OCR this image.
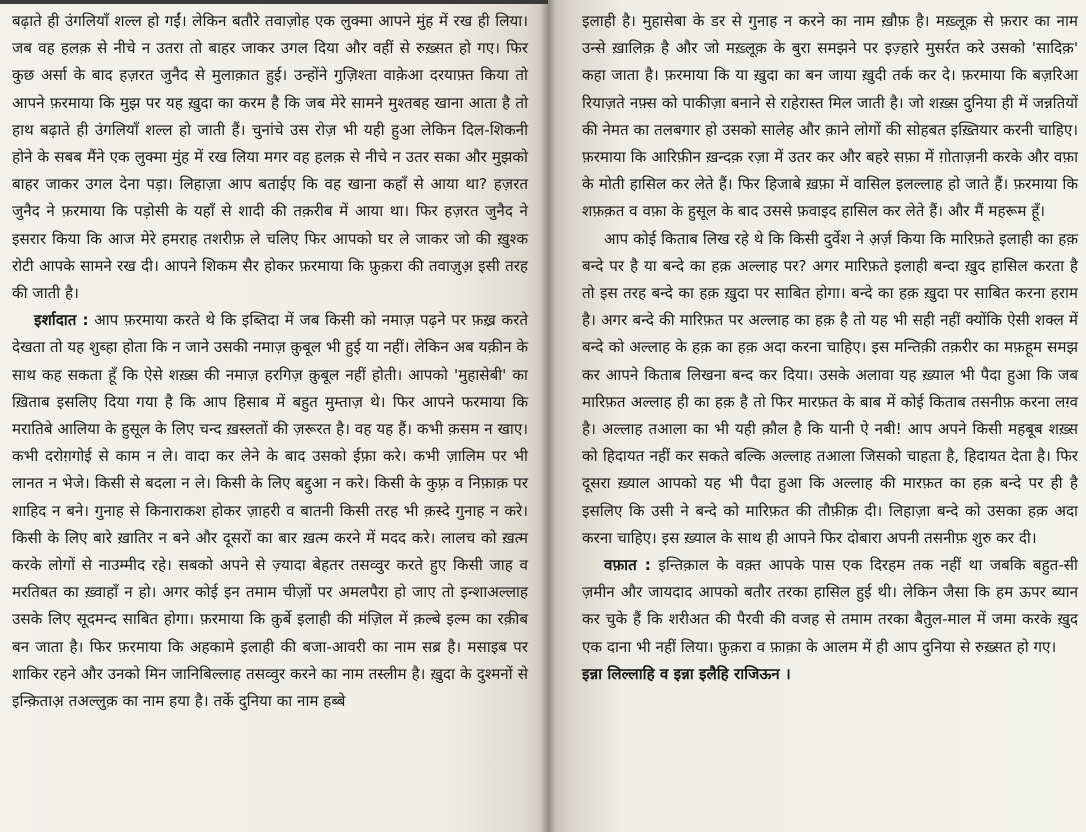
बढ़ाते ही उंगलियाँ शल्ल हो गईं। लेकिन बतौरे तवाज़ोह एक लुक्मा आपने मुंह में रख ही लिया। जब वह हलक़ से नीचे न उतरा तो बाहर जाकर उगल दिया और वहीं से रुख़्सत हो गए। फिर कुछ अर्सा के बाद हज़रत जुनैद से मुलाक़ात हुई। उन्होंने गुज़िश्ता वाक़ेआ दरयाफ़्त किया तो आपने फ़रमाया कि मुझ पर यह ख़ुदा का करम है कि जब मेरे सामने मुश्तबह खाना आता है तो हाथ बढ़ाते ही उंगलियाँ शल्ल हो जाती हैं। चुनांचे उस रोज़ भी यही हुआ लेकिन दिल-शिकनी होने के सबब मैंने एक लुक्मा मुंह में रख लिया मगर वह हलक़ से नीचे न उतर सका और मुझको बाहर जाकर उगल देना पड़ा। लिहाज़ा आप बताईए कि वह खाना कहाँ से आया था? हज़रत जुनैद ने फ़रमाया कि पड़ोसी के यहाँ से शादी की तक़रीब में आया था। फिर हज़रत जुनैद ने इसरार किया कि आज मेरे हमराह तशरीफ़ ले चलिए फिर आपको घर ले जाकर जो की ख़ुश्क रोटी आपके सामने रख दी। आपने शिकम सैर होकर फ़रमाया कि फ़ुक़रा की तवाज़ुअ़ इसी तरह की जाती है।

इर्शादात : आप फ़रमाया करते थे कि इब्तिदा में जब किसी को नमाज़ पढ़ने पर फ़ख़्र करते देखता तो यह शुब्हा होता कि न जाने उसकी नमाज़ क़ुबूल भी हुई या नहीं। लेकिन अब यक़ीन के साथ कह सकता हूँ कि ऐसे शख़्स की नमाज़ हरगिज़ क़ुबूल नहीं होती। आपको 'मुहासेबी' का ख़िताब इसलिए दिया गया है कि आप हिसाब में बहुत मुम्ताज़ थे। फिर आपने फरमाया कि मरातिबे आलिया के हुसूल के लिए चन्द ख़स्लतों की ज़रूरत है। वह यह हैं। कभी क़सम न खाए। कभी दरोग़गोई से काम न ले। वादा कर लेने के बाद उसको ईफ़ा करे। कभी ज़ालिम पर भी लानत न भेजे। किसी से बदला न ले। किसी के लिए बद्दुआ न करे। किसी के कुफ़्र व निफ़ाक़ पर शाहिद न बने। गुनाह से किनाराकश होकर ज़ाहरी व बातनी किसी तरह भी क़स्दे गुनाह न करे। किसी के लिए बारे ख़ातिर न बने और दूसरों का बार ख़त्म करने में मदद करे। लालच को ख़त्म करके लोगों से नाउम्मीद रहे। सबको अपने से ज़्यादा बेहतर तसव्वुर करते हुए किसी जाह व मरतिबत का ख़्वाहाँ न हो। अगर कोई इन तमाम चीज़ों पर अमलपैरा हो जाए तो इन्शाअल्लाह उसके लिए सूदमन्द साबित होगा। फ़रमाया कि क़ुर्बे इलाही की मंज़िल में क़ल्बे इल्म का रक़ीब बन जाता है। फिर फ़रमाया कि अहकामे इलाही की बजा-आवरी का नाम सब्र है। मसाइब पर शाकिर रहने और उनको मिन जानिबिल्लाह तसव्वुर करने का नाम तस्लीम है। ख़ुदा के दुश्मनों से इन्क़िताअ़ तअल्लुक़ का नाम हया है। तर्के दुनिया का नाम हब्बे

इलाही है। मुहासेबा के डर से गुनाह न करने का नाम ख़ौफ़ है। मख़्लूक़ से फ़रार का नाम उन्से ख़ालिक़ है और जो मख़्लूक़ के बुरा समझने पर इज़्हारे मुसर्रत करे उसको 'सादिक़' कहा जाता है। फ़रमाया कि या ख़ुदा का बन जाया ख़ुदी तर्क कर दे। फ़रमाया कि बज़रिआ रियाज़ते नफ़्स को पाकीज़ा बनाने से राहेरास्त मिल जाती है। जो शख़्स दुनिया ही में जन्नतियों की नेमत का तलबगार हो उसको सालेह और क़ाने लोगों की सोहबत इख़्तियार करनी चाहिए। फ़रमाया कि आरिफ़ीन ख़न्दक़ रज़ा में उतर कर और बहरे सफ़ा में ग़ोताज़नी करके और वफ़ा के मोती हासिल कर लेते हैं। फिर हिजाबे ख़फ़ा में वासिल इलल्लाह हो जाते हैं। फ़रमाया कि शफ़क़त व वफ़ा के हुसूल के बाद उससे फ़वाइद हासिल कर लेते हैं। और मैं महरूम हूँ।

आप कोई किताब लिख रहे थे कि किसी दुर्वेश ने अ़र्ज़ किया कि मारिफ़ते इलाही का हक़ बन्दे पर है या बन्दे का हक़ अल्लाह पर? अगर मारिफ़ते इलाही बन्दा ख़ुद हासिल करता है तो इस तरह बन्दे का हक़ ख़ुदा पर साबित होगा। बन्दे का हक़ ख़ुदा पर साबित करना हराम है। अगर बन्दे की मारिफ़त पर अल्लाह का हक़ है तो यह भी सही नहीं क्योंकि ऐसी शक्ल में बन्दे को अल्लाह के हक़ का हक़ अदा करना चाहिए। इस मन्तिक़ी तक़रीर का मफ़हूम समझ कर आपने किताब लिखना बन्द कर दिया। उसके अलावा यह ख़्याल भी पैदा हुआ कि जब मारिफ़त अल्लाह ही का हक़ है तो फिर मारफ़त के बाब में कोई किताब तसनीफ़ करना लग़्व है। अल्लाह तआला का भी यही क़ौल है कि यानी ऐ नबी! आप अपने किसी महबूब शख़्स को हिदायत नहीं कर सकते बल्कि अल्लाह तआला जिसको चाहता है, हिदायत देता है। फिर दूसरा ख़्याल आपको यह भी पैदा हुआ कि अल्लाह की मारफ़त का हक़ बन्दे पर ही है इसलिए कि उसी ने बन्दे को मारिफ़त की तौफ़ीक़ दी। लिहाज़ा बन्दे को उसका हक़ अदा करना चाहिए। इस ख़्याल के साथ ही आपने फिर दोबारा अपनी तसनीफ़ शुरु कर दी।

वफ़ात : इन्तिक़ाल के वक़्त आपके पास एक दिरहम तक नहीं था जबकि बहुत-सी ज़मीन और जायदाद आपको बतौर तरका हासिल हुई थी। लेकिन जैसा कि हम ऊपर ब्यान कर चुके हैं कि शरीअत की पैरवी की वजह से तमाम तरका बैतुल-माल में जमा करके ख़ुद एक दाना भी नहीं लिया। फ़ुक़रा व फ़ाक़ा के आलम में ही आप दुनिया से रुख़्सत हो गए।

इन्ना लिल्लाहि व इन्ना इलैहि राजिऊन ।
